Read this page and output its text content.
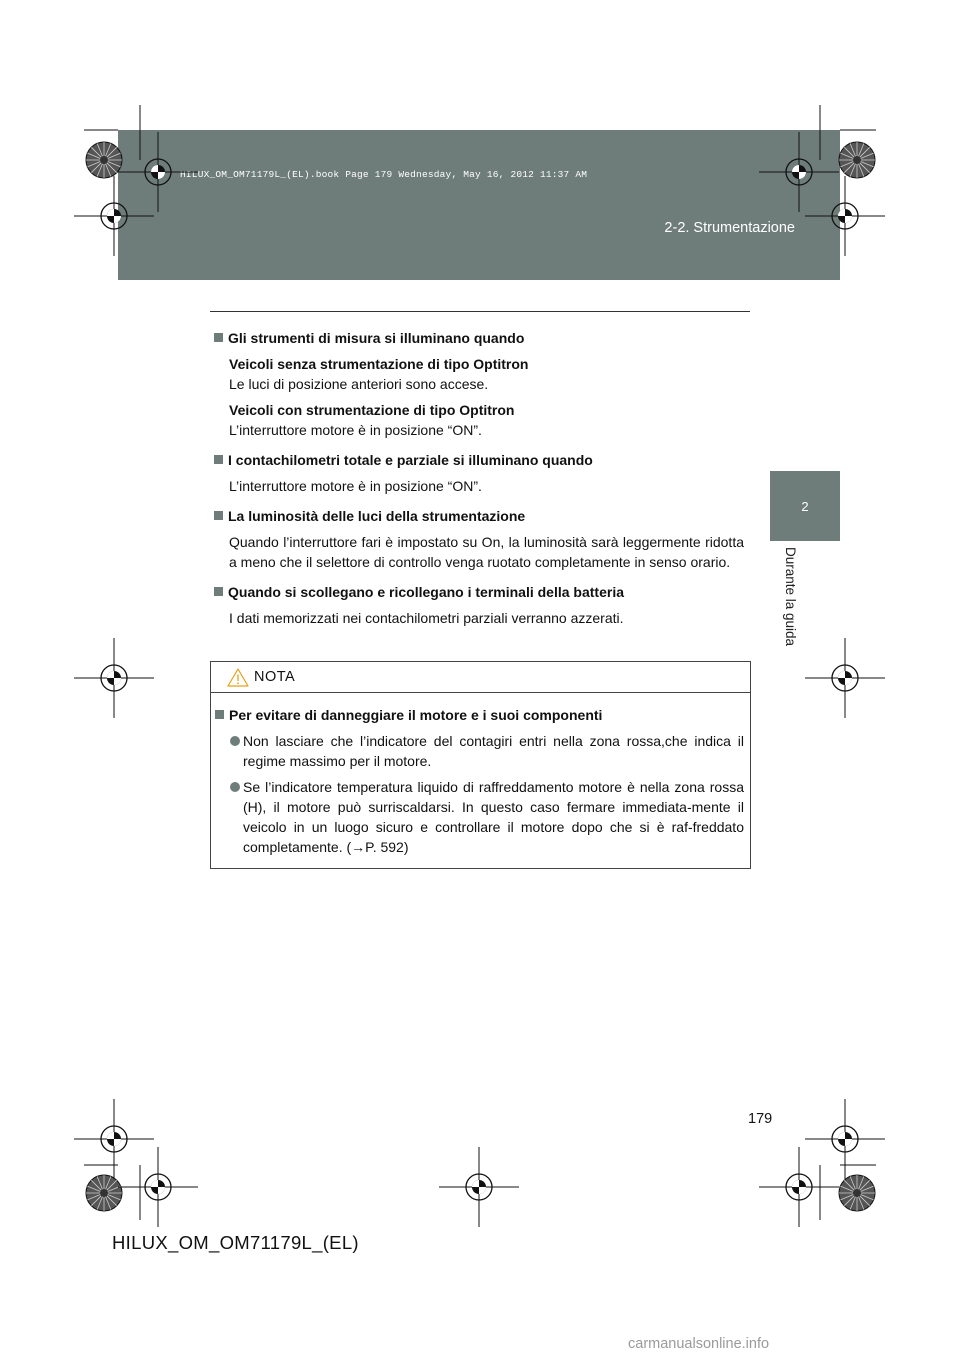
HILUX_OM_OM71179L_(EL).book Page 179 Wednesday, May 16, 2012 11:37 AM
2-2. Strumentazione
2
Durante la guida

Gli strumenti di misura si illuminano quando

Veicoli senza strumentazione di tipo Optitron

Le luci di posizione anteriori sono accese.

Veicoli con strumentazione di tipo Optitron

L’interruttore motore è in posizione “ON”.

I contachilometri totale e parziale si illuminano quando

L’interruttore motore è in posizione “ON”.

La luminosità delle luci della strumentazione

Quando l’interruttore fari è impostato su On, la luminosità sarà leggermente ridotta a meno che il selettore di controllo venga ruotato completamente in senso orario.

Quando si scollegano e ricollegano i terminali della batteria

I dati memorizzati nei contachilometri parziali verranno azzerati.

NOTA

Per evitare di danneggiare il motore e i suoi componenti

Non lasciare che l’indicatore del contagiri entri nella zona rossa,che indica il regime massimo per il motore.

Se l’indicatore temperatura liquido di raffreddamento motore è nella zona rossa (H), il motore può surriscaldarsi. In questo caso fermare immediata-mente il veicolo in un luogo sicuro e controllare il motore dopo che si è raf-freddato completamente. (→P. 592)

179
HILUX_OM_OM71179L_(EL)
carmanualsonline.info
